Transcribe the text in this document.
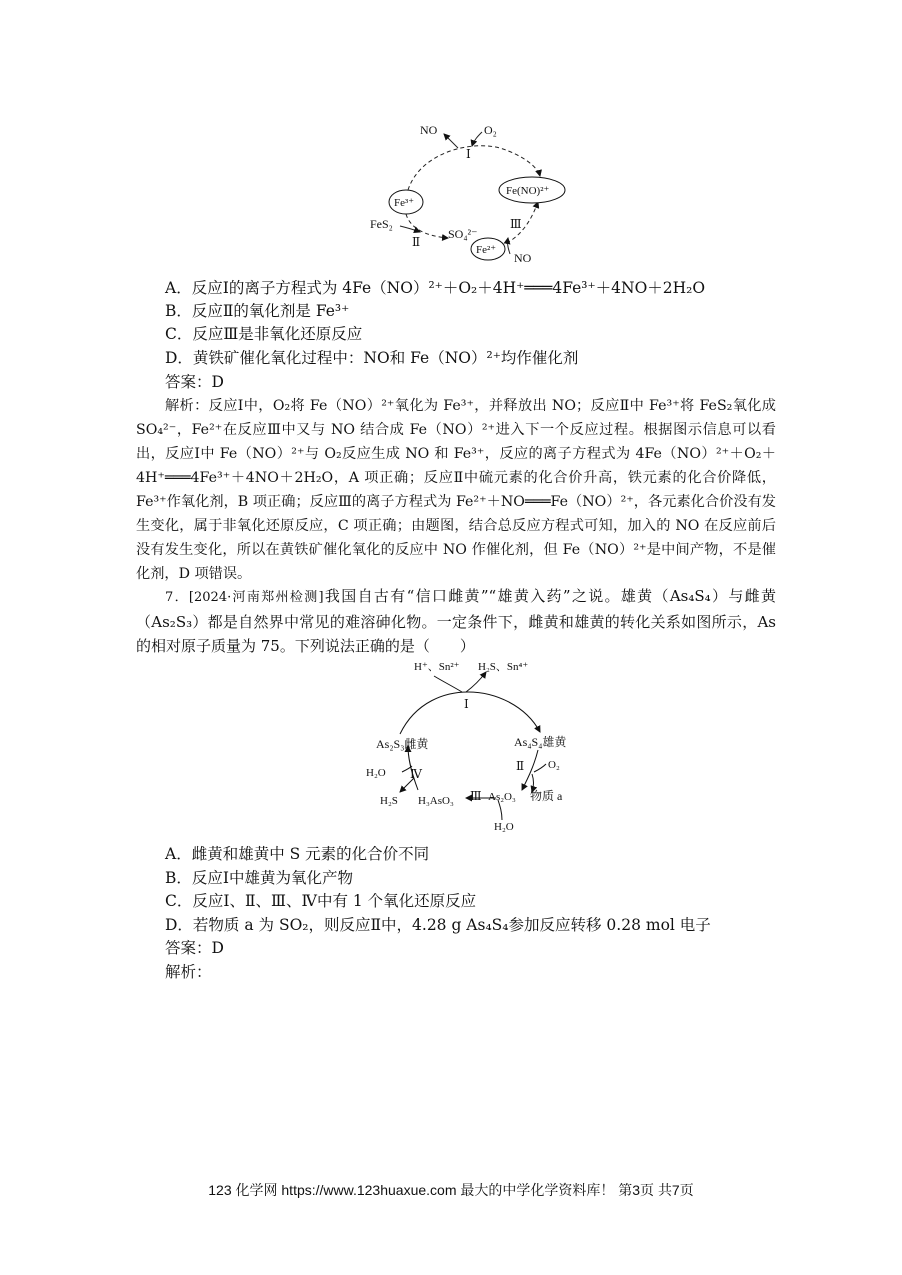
NO	O₂
Ⅰ
Fe³⁺
Fe(NO)²⁺
FeS₂
Ⅱ
SO₄²⁻
Fe²⁺
Ⅲ
NO
A．反应Ⅰ的离子方程式为 4Fe（NO）²⁺＋O₂＋4H⁺═══4Fe³⁺＋4NO＋2H₂O
B．反应Ⅱ的氧化剂是 Fe³⁺
C．反应Ⅲ是非氧化还原反应
D．黄铁矿催化氧化过程中：NO和 Fe（NO）²⁺均作催化剂
答案：D
解析：反应Ⅰ中，O₂将 Fe（NO）²⁺氧化为 Fe³⁺，并释放出 NO；反应Ⅱ中 Fe³⁺将 FeS₂氧化成 SO₄²⁻，Fe²⁺在反应Ⅲ中又与 NO 结合成 Fe（NO）²⁺进入下一个反应过程。根据图示信息可以看出，反应Ⅰ中 Fe（NO）²⁺与 O₂反应生成 NO 和 Fe³⁺，反应的离子方程式为 4Fe（NO）²⁺＋O₂＋4H⁺═══4Fe³⁺＋4NO＋2H₂O，A 项正确；反应Ⅱ中硫元素的化合价升高，铁元素的化合价降低，Fe³⁺作氧化剂，B 项正确；反应Ⅲ的离子方程式为 Fe²⁺＋NO═══Fe（NO）²⁺，各元素化合价没有发生变化，属于非氧化还原反应，C 项正确；由题图，结合总反应方程式可知，加入的 NO 在反应前后没有发生变化，所以在黄铁矿催化氧化的反应中 NO 作催化剂，但 Fe（NO）²⁺是中间产物，不是催化剂，D 项错误。
7．[2024·河南郑州检测]我国自古有“信口雌黄”“雄黄入药”之说。雄黄（As₄S₄）与雌黄（As₂S₃）都是自然界中常见的难溶砷化物。一定条件下，雌黄和雄黄的转化关系如图所示，As 的相对原子质量为 75。下列说法正确的是（　　）
H⁺、Sn²⁺ H₂S、Sn⁴⁺
Ⅰ
As₂S₃雌黄	As₄S₄雄黄
Ⅱ O₂
H₂O Ⅳ
H₂S H₃AsO₃ Ⅲ As₂O₃ 物质 a
H₂O
A．雌黄和雄黄中 S 元素的化合价不同
B．反应Ⅰ中雄黄为氧化产物
C．反应Ⅰ、Ⅱ、Ⅲ、Ⅳ中有 1 个氧化还原反应
D．若物质 a 为 SO₂，则反应Ⅱ中，4.28 g As₄S₄参加反应转移 0.28 mol 电子
答案：D
解析：
123 化学网 https://www.123huaxue.com 最大的中学化学资料库！ 第3页 共7页
